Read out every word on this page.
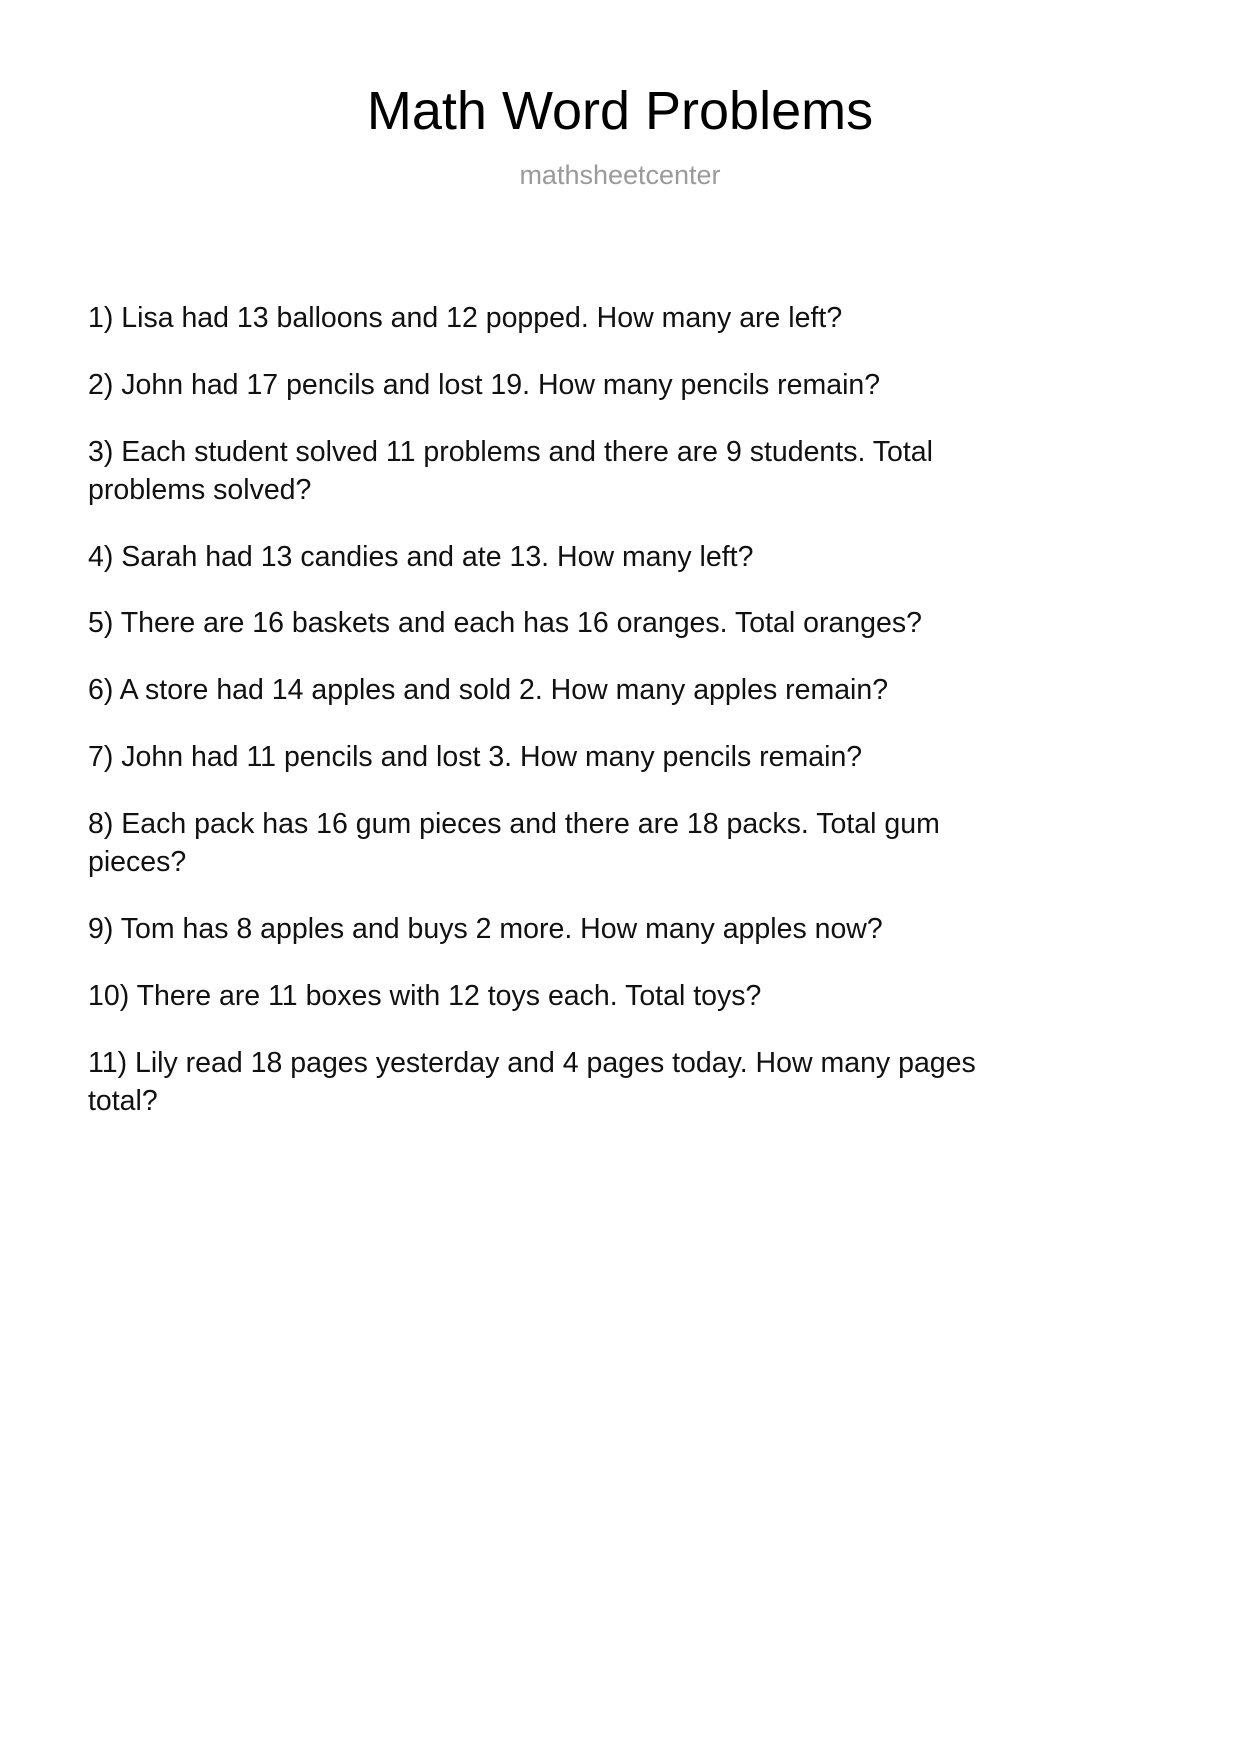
Math Word Problems
mathsheetcenter
1) Lisa had 13 balloons and 12 popped. How many are left?
2) John had 17 pencils and lost 19. How many pencils remain?
3) Each student solved 11 problems and there are 9 students. Total problems solved?
4) Sarah had 13 candies and ate 13. How many left?
5) There are 16 baskets and each has 16 oranges. Total oranges?
6) A store had 14 apples and sold 2. How many apples remain?
7) John had 11 pencils and lost 3. How many pencils remain?
8) Each pack has 16 gum pieces and there are 18 packs. Total gum pieces?
9) Tom has 8 apples and buys 2 more. How many apples now?
10) There are 11 boxes with 12 toys each. Total toys?
11) Lily read 18 pages yesterday and 4 pages today. How many pages total?
